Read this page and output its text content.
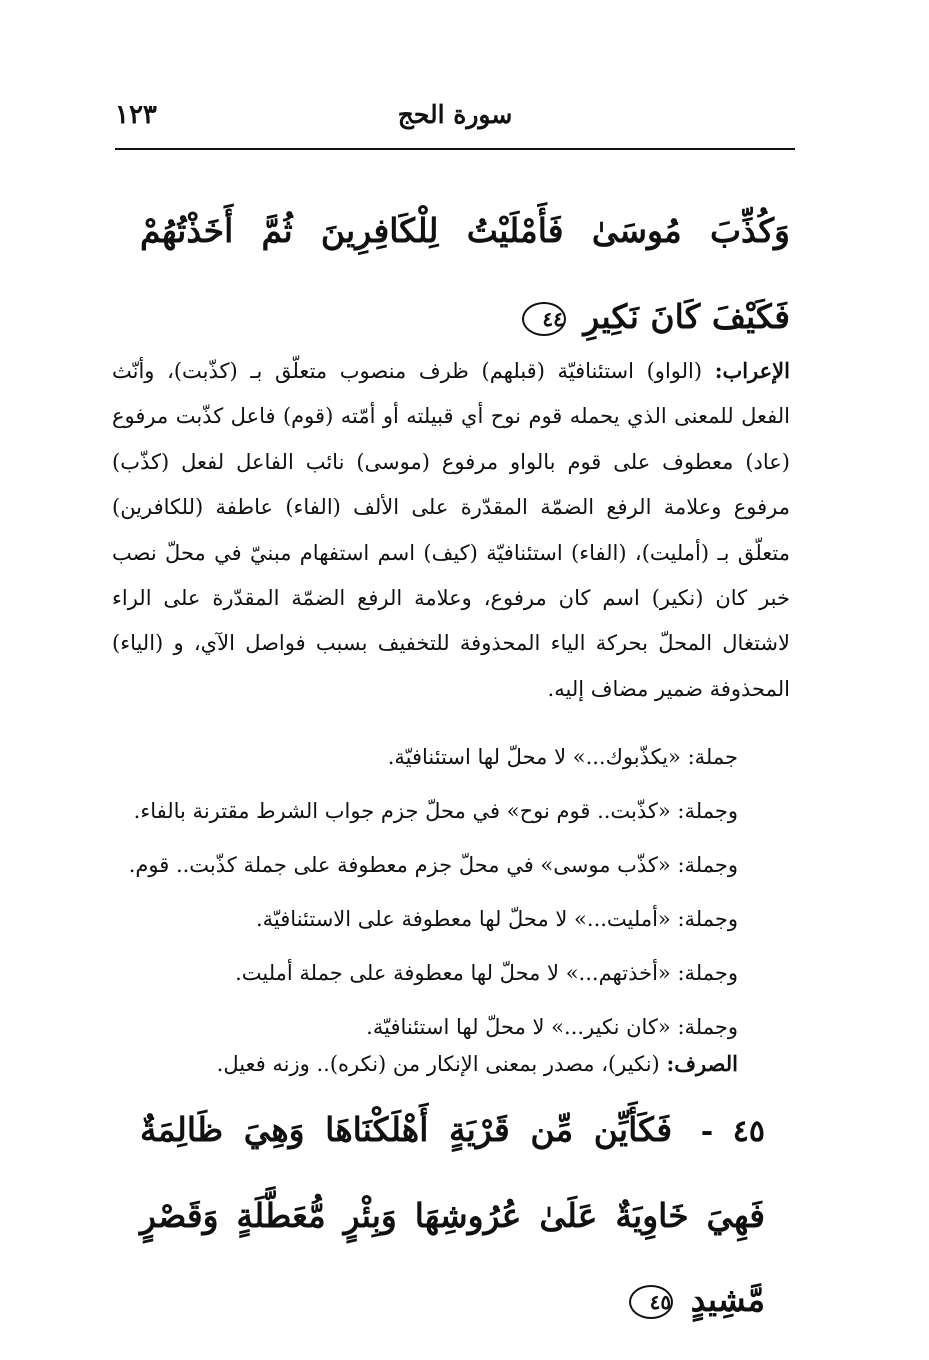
سورة الحج
١٢٣
وَكُذِّبَ مُوسَىٰ فَأَمْلَيْتُ لِلْكَافِرِينَ ثُمَّ أَخَذْتُهُمْ فَكَيْفَ كَانَ نَكِيرِ ٤٤
الإعراب: (الواو) استئنافيّة (قبلهم) ظرف منصوب متعلّق بـ (كذّبت)، وأنّث الفعل للمعنى الذي يحمله قوم نوح أي قبيلته أو أمّته (قوم) فاعل كذّبت مرفوع (عاد) معطوف على قوم بالواو مرفوع (موسى) نائب الفاعل لفعل (كذّب) مرفوع وعلامة الرفع الضمّة المقدّرة على الألف (الفاء) عاطفة (للكافرين) متعلّق بـ (أمليت)، (الفاء) استئنافيّة (كيف) اسم استفهام مبنيّ في محلّ نصب خبر كان (نكير) اسم كان مرفوع، وعلامة الرفع الضمّة المقدّرة على الراء لاشتغال المحلّ بحركة الياء المحذوفة للتخفيف بسبب فواصل الآي، و (الياء) المحذوفة ضمير مضاف إليه.
جملة: «يكذّبوك...» لا محلّ لها استئنافيّة.
وجملة: «كذّبت.. قوم نوح» في محلّ جزم جواب الشرط مقترنة بالفاء.
وجملة: «كذّب موسى» في محلّ جزم معطوفة على جملة كذّبت.. قوم.
وجملة: «أمليت...» لا محلّ لها معطوفة على الاستئنافيّة.
وجملة: «أخذتهم...» لا محلّ لها معطوفة على جملة أمليت.
وجملة: «كان نكير...» لا محلّ لها استئنافيّة.
الصرف: (نكير)، مصدر بمعنى الإنكار من (نكره).. وزنه فعيل.
٤٥ - فَكَأَيِّن مِّن قَرْيَةٍ أَهْلَكْنَاهَا وَهِيَ ظَالِمَةٌ فَهِيَ خَاوِيَةٌ عَلَىٰ عُرُوشِهَا وَبِئْرٍ مُّعَطَّلَةٍ وَقَصْرٍ مَّشِيدٍ ٤٥
